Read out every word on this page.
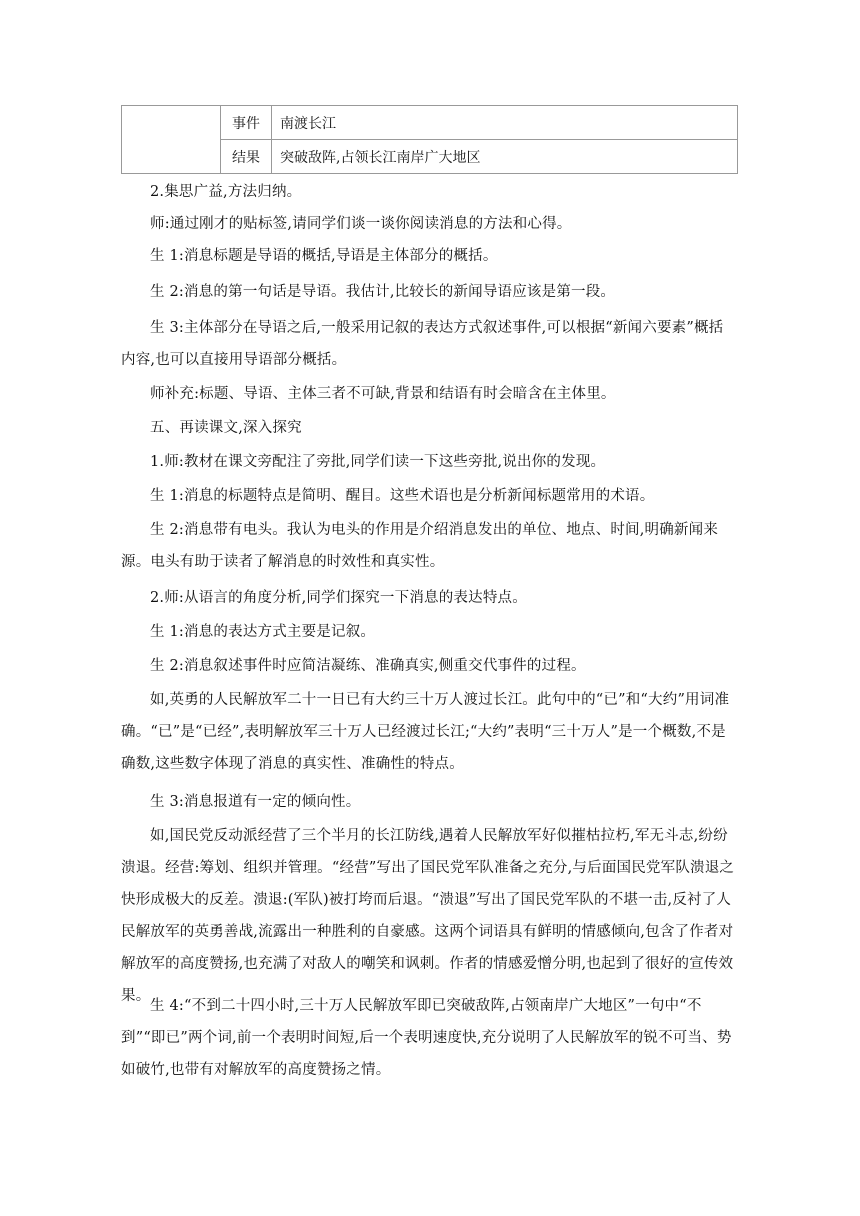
	事件	南渡长江
	结果	突破敌阵,占领长江南岸广大地区

2.集思广益,方法归纳。

师:通过刚才的贴标签,请同学们谈一谈你阅读消息的方法和心得。

生 1:消息标题是导语的概括,导语是主体部分的概括。

生 2:消息的第一句话是导语。我估计,比较长的新闻导语应该是第一段。

生 3:主体部分在导语之后,一般采用记叙的表达方式叙述事件,可以根据“新闻六要素”概括内容,也可以直接用导语部分概括。

师补充:标题、导语、主体三者不可缺,背景和结语有时会暗含在主体里。

五、再读课文,深入探究

1.师:教材在课文旁配注了旁批,同学们读一下这些旁批,说出你的发现。

生 1:消息的标题特点是简明、醒目。这些术语也是分析新闻标题常用的术语。

生 2:消息带有电头。我认为电头的作用是介绍消息发出的单位、地点、时间,明确新闻来源。电头有助于读者了解消息的时效性和真实性。

2.师:从语言的角度分析,同学们探究一下消息的表达特点。

生 1:消息的表达方式主要是记叙。

生 2:消息叙述事件时应简洁凝练、准确真实,侧重交代事件的过程。

如,英勇的人民解放军二十一日已有大约三十万人渡过长江。此句中的“已”和“大约”用词准确。“已”是“已经”,表明解放军三十万人已经渡过长江;“大约”表明“三十万人”是一个概数,不是确数,这些数字体现了消息的真实性、准确性的特点。

生 3:消息报道有一定的倾向性。

如,国民党反动派经营了三个半月的长江防线,遇着人民解放军好似摧枯拉朽,军无斗志,纷纷溃退。经营:筹划、组织并管理。“经营”写出了国民党军队准备之充分,与后面国民党军队溃退之快形成极大的反差。溃退:(军队)被打垮而后退。“溃退”写出了国民党军队的不堪一击,反衬了人民解放军的英勇善战,流露出一种胜利的自豪感。这两个词语具有鲜明的情感倾向,包含了作者对解放军的高度赞扬,也充满了对敌人的嘲笑和讽刺。作者的情感爱憎分明,也起到了很好的宣传效果。

生 4:“不到二十四小时,三十万人民解放军即已突破敌阵,占领南岸广大地区”一句中“不到”“即已”两个词,前一个表明时间短,后一个表明速度快,充分说明了人民解放军的锐不可当、势如破竹,也带有对解放军的高度赞扬之情。
